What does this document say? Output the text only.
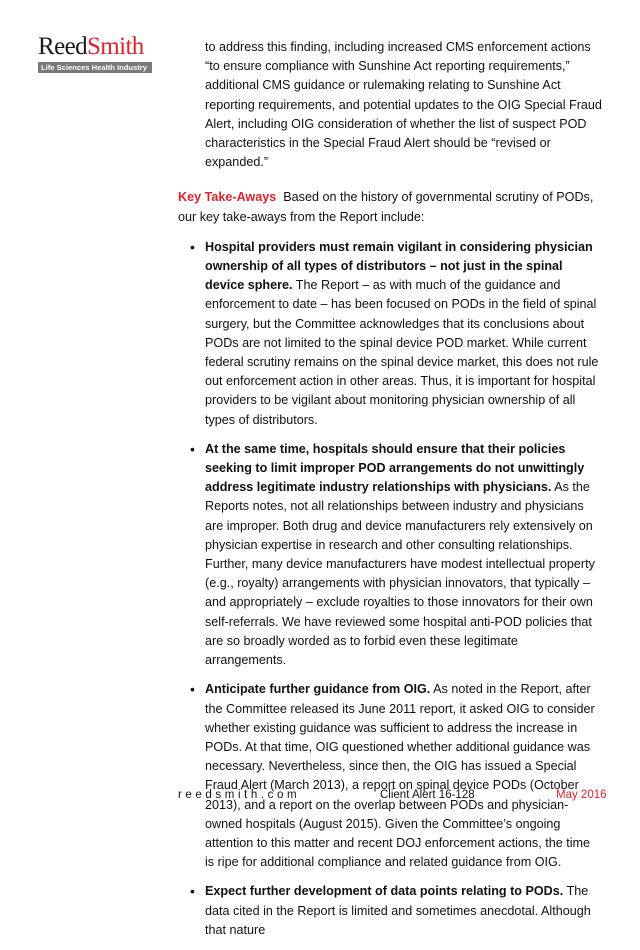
ReedSmith
Life Sciences Health Industry

to address this finding, including increased CMS enforcement actions “to ensure compliance with Sunshine Act reporting requirements,” additional CMS guidance or rulemaking relating to Sunshine Act reporting requirements, and potential updates to the OIG Special Fraud Alert, including OIG consideration of whether the list of suspect POD characteristics in the Special Fraud Alert should be “revised or expanded.”

Key Take-Aways Based on the history of governmental scrutiny of PODs, our key take-aways from the Report include:

• Hospital providers must remain vigilant in considering physician ownership of all types of distributors – not just in the spinal device sphere. The Report – as with much of the guidance and enforcement to date – has been focused on PODs in the field of spinal surgery, but the Committee acknowledges that its conclusions about PODs are not limited to the spinal device POD market. While current federal scrutiny remains on the spinal device market, this does not rule out enforcement action in other areas. Thus, it is important for hospital providers to be vigilant about monitoring physician ownership of all types of distributors.
• At the same time, hospitals should ensure that their policies seeking to limit improper POD arrangements do not unwittingly address legitimate industry relationships with physicians. As the Reports notes, not all relationships between industry and physicians are improper. Both drug and device manufacturers rely extensively on physician expertise in research and other consulting relationships. Further, many device manufacturers have modest intellectual property (e.g., royalty) arrangements with physician innovators, that typically – and appropriately – exclude royalties to those innovators for their own self-referrals. We have reviewed some hospital anti-POD policies that are so broadly worded as to forbid even these legitimate arrangements.
• Anticipate further guidance from OIG. As noted in the Report, after the Committee released its June 2011 report, it asked OIG to consider whether existing guidance was sufficient to address the increase in PODs. At that time, OIG questioned whether additional guidance was necessary. Nevertheless, since then, the OIG has issued a Special Fraud Alert (March 2013), a report on spinal device PODs (October 2013), and a report on the overlap between PODs and physician-owned hospitals (August 2015). Given the Committee’s ongoing attention to this matter and recent DOJ enforcement actions, the time is ripe for additional compliance and related guidance from OIG.
• Expect further development of data points relating to PODs. The data cited in the Report is limited and sometimes anecdotal. Although that nature
reedsmith.com	Client Alert 16-128	May 2016
